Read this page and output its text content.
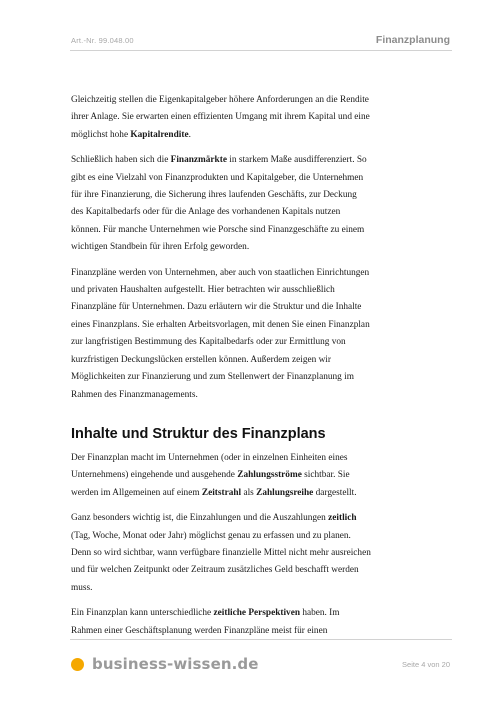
Art.-Nr. 99.048.00	Finanzplanung

Gleichzeitig stellen die Eigenkapitalgeber höhere Anforderungen an die Rendite ihrer Anlage. Sie erwarten einen effizienten Umgang mit ihrem Kapital und eine möglichst hohe Kapitalrendite.

Schließlich haben sich die Finanzmärkte in starkem Maße ausdifferenziert. So gibt es eine Vielzahl von Finanzprodukten und Kapitalgeber, die Unternehmen für ihre Finanzierung, die Sicherung ihres laufenden Geschäfts, zur Deckung des Kapitalbedarfs oder für die Anlage des vorhandenen Kapitals nutzen können. Für manche Unternehmen wie Porsche sind Finanzgeschäfte zu einem wichtigen Standbein für ihren Erfolg geworden.

Finanzpläne werden von Unternehmen, aber auch von staatlichen Einrichtungen und privaten Haushalten aufgestellt. Hier betrachten wir ausschließlich Finanzpläne für Unternehmen. Dazu erläutern wir die Struktur und die Inhalte eines Finanzplans. Sie erhalten Arbeitsvorlagen, mit denen Sie einen Finanzplan zur langfristigen Bestimmung des Kapitalbedarfs oder zur Ermittlung von kurzfristigen Deckungslücken erstellen können. Außerdem zeigen wir Möglichkeiten zur Finanzierung und zum Stellenwert der Finanzplanung im Rahmen des Finanzmanagements.

Inhalte und Struktur des Finanzplans

Der Finanzplan macht im Unternehmen (oder in einzelnen Einheiten eines Unternehmens) eingehende und ausgehende Zahlungsströme sichtbar. Sie werden im Allgemeinen auf einem Zeitstrahl als Zahlungsreihe dargestellt.

Ganz besonders wichtig ist, die Einzahlungen und die Auszahlungen zeitlich (Tag, Woche, Monat oder Jahr) möglichst genau zu erfassen und zu planen. Denn so wird sichtbar, wann verfügbare finanzielle Mittel nicht mehr ausreichen und für welchen Zeitpunkt oder Zeitraum zusätzliches Geld beschafft werden muss.

Ein Finanzplan kann unterschiedliche zeitliche Perspektiven haben. Im Rahmen einer Geschäftsplanung werden Finanzpläne meist für einen

business-wissen.de	Seite 4 von 20
